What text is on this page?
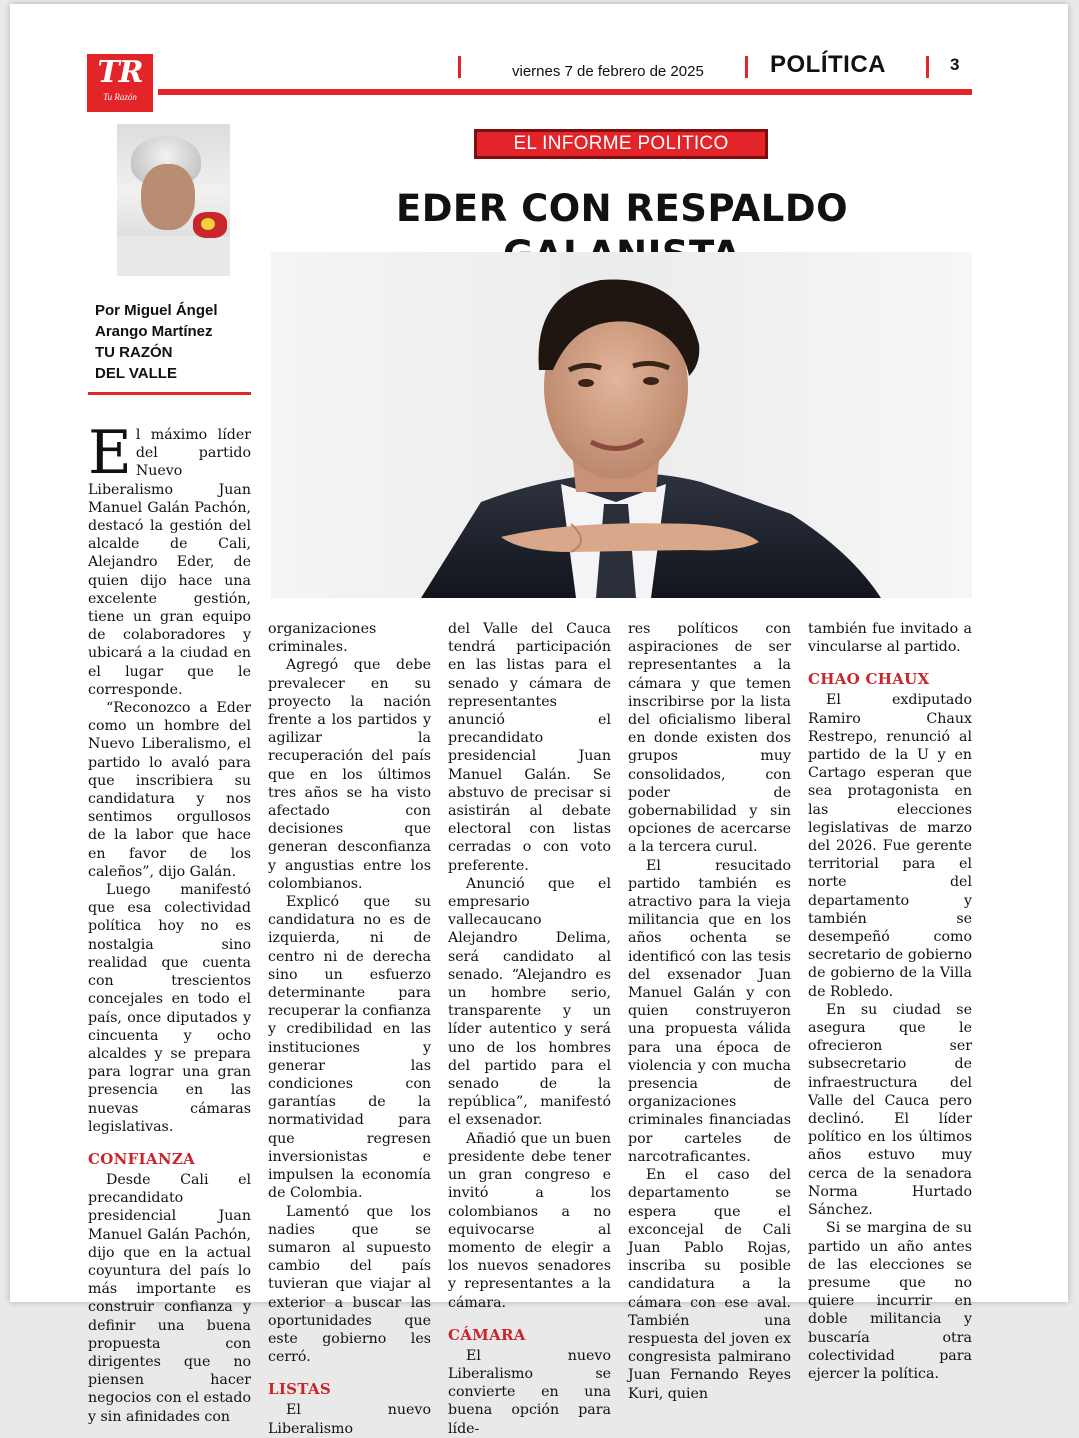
TR
Tu Razón
viernes 7 de febrero de 2025	POLÍTICA	3
Por Miguel Ángel
Arango Martínez
TU RAZÓN
DEL VALLE
EL INFORME POLITICO
EDER CON RESPALDO

El máximo líder del partido Nuevo Liberalismo Juan Manuel Galán Pachón, destacó la gestión del alcalde de Cali, Alejandro Eder, de quien dijo hace una excelente gestión, tiene un gran equipo de colaboradores y ubicará a la ciudad en el lugar que le corresponde.

“Reconozco a Eder como un hombre del Nuevo Liberalismo, el partido lo avaló para que inscribiera su candidatura y nos sentimos orgullosos de la labor que hace en favor de los caleños”, dijo Galán.

Luego manifestó que esa colectividad política hoy no es nostalgia sino realidad que cuenta con trescientos concejales en todo el país, once diputados y cincuenta y ocho alcaldes y se prepara para lograr una gran presencia en las nuevas cámaras legislativas.

CONFIANZA

Desde Cali el precandidato presidencial Juan Manuel Galán Pachón, dijo que en la actual coyuntura del país lo más importante es construir confianza y definir una buena propuesta con dirigentes que no piensen hacer negocios con el estado y sin afinidades con

organizaciones criminales.

Agregó que debe prevalecer en su proyecto la nación frente a los partidos y agilizar la recuperación del país que en los últimos tres años se ha visto afectado con decisiones que generan desconfianza y angustias entre los colombianos.

Explicó que su candidatura no es de izquierda, ni de centro ni de derecha sino un esfuerzo determinante para recuperar la confianza y credibilidad en las instituciones y generar las condiciones con garantías de la normatividad para que regresen inversionistas e impulsen la economía de Colombia.

Lamentó que los nadies que se sumaron al supuesto cambio del país tuvieran que viajar al exterior a buscar las oportunidades que este gobierno les cerró.

LISTAS

El nuevo Liberalismo

del Valle del Cauca tendrá participación en las listas para el senado y cámara de representantes anunció el precandidato presidencial Juan Manuel Galán. Se abstuvo de precisar si asistirán al debate electoral con listas cerradas o con voto preferente.

Anunció que el empresario vallecaucano Alejandro Delima, será candidato al senado. “Alejandro es un hombre serio, transparente y un líder autentico y será uno de los hombres del partido para el senado de la república”, manifestó el exsenador.

Añadió que un buen presidente debe tener un gran congreso e invitó a los colombianos a no equivocarse al momento de elegir a los nuevos senadores y representantes a la cámara.

CÁMARA

El nuevo Liberalismo se convierte en una buena opción para líde-

res políticos con aspiraciones de ser representantes a la cámara y que temen inscribirse por la lista del oficialismo liberal en donde existen dos grupos muy consolidados, con poder de gobernabilidad y sin opciones de acercarse a la tercera curul.

El resucitado partido también es atractivo para la vieja militancia que en los años ochenta se identificó con las tesis del exsenador Juan Manuel Galán y con quien construyeron una propuesta válida para una época de violencia y con mucha presencia de organizaciones criminales financiadas por carteles de narcotraficantes.

En el caso del departamento se espera que el exconcejal de Cali Juan Pablo Rojas, inscriba su posible candidatura a la cámara con ese aval. También una respuesta del joven ex congresista palmirano Juan Fernando Reyes Kuri, quien

también fue invitado a vincularse al partido.

CHAO CHAUX

El exdiputado Ramiro Chaux Restrepo, renunció al partido de la U y en Cartago esperan que sea protagonista en las elecciones legislativas de marzo del 2026. Fue gerente territorial para el norte del departamento y también se desempeñó como secretario de gobierno de gobierno de la Villa de Robledo.

En su ciudad se asegura que le ofrecieron ser subsecretario de infraestructura del Valle del Cauca pero declinó. El líder político en los últimos años estuvo muy cerca de la senadora Norma Hurtado Sánchez.

Si se margina de su partido un año antes de las elecciones se presume que no quiere incurrir en doble militancia y buscaría otra colectividad para ejercer la política.
